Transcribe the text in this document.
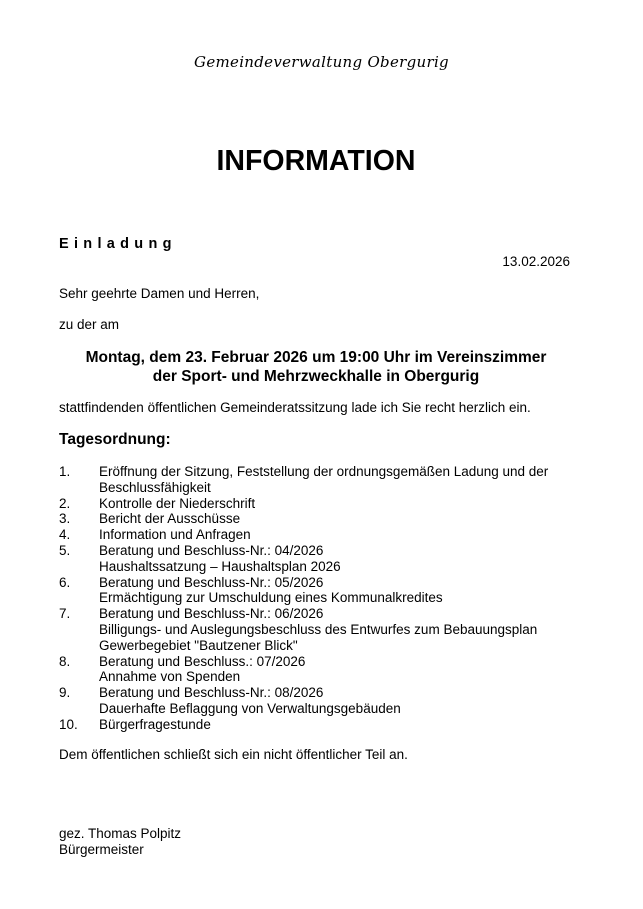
Gemeindeverwaltung Obergurig
INFORMATION
Einladung
13.02.2026
Sehr geehrte Damen und Herren,
zu der am
Montag, dem 23. Februar 2026 um 19:00 Uhr im Vereinszimmer
der Sport- und Mehrzweckhalle in Obergurig
stattfindenden öffentlichen Gemeinderatssitzung lade ich Sie recht herzlich ein.
Tagesordnung:
1. Eröffnung der Sitzung, Feststellung der ordnungsgemäßen Ladung und der Beschlussfähigkeit
2. Kontrolle der Niederschrift
3. Bericht der Ausschüsse
4. Information und Anfragen
5. Beratung und Beschluss-Nr.: 04/2026
Haushaltssatzung – Haushaltsplan 2026
6. Beratung und Beschluss-Nr.: 05/2026
Ermächtigung zur Umschuldung eines Kommunalkredites
7. Beratung und Beschluss-Nr.: 06/2026
Billigungs- und Auslegungsbeschluss des Entwurfes zum Bebauungsplan
Gewerbegebiet "Bautzener Blick"
8. Beratung und Beschluss.: 07/2026
Annahme von Spenden
9. Beratung und Beschluss-Nr.: 08/2026
Dauerhafte Beflaggung von Verwaltungsgebäuden
10. Bürgerfragestunde
Dem öffentlichen schließt sich ein nicht öffentlicher Teil an.
gez. Thomas Polpitz
Bürgermeister
